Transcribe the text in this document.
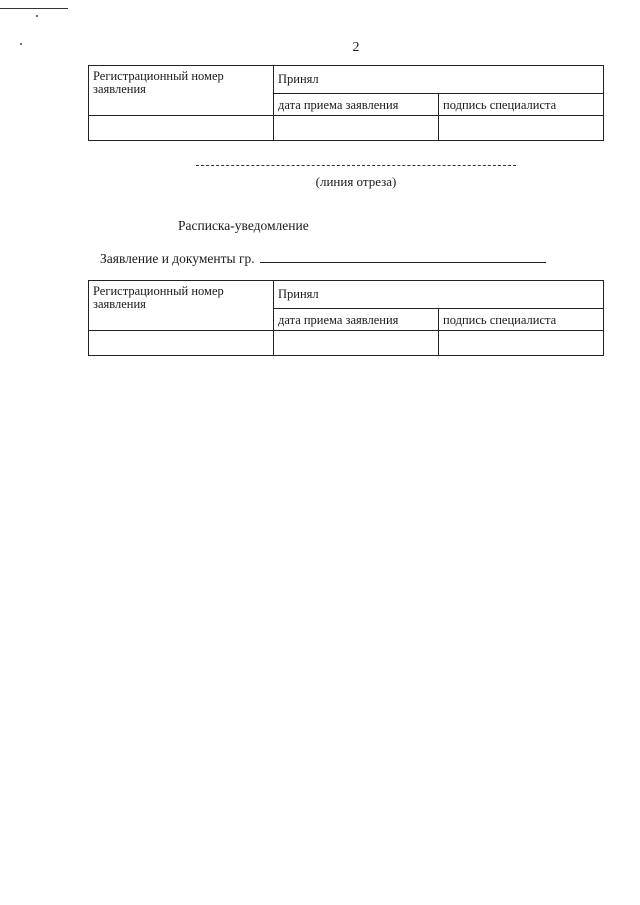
2
Регистрационный номер заявления	Принял	
	дата приема заявления	подпись специалиста

(линия отреза)
Расписка-уведомление
Заявление и документы гр.
Регистрационный номер заявления	Принял	
	дата приема заявления	подпись специалиста
